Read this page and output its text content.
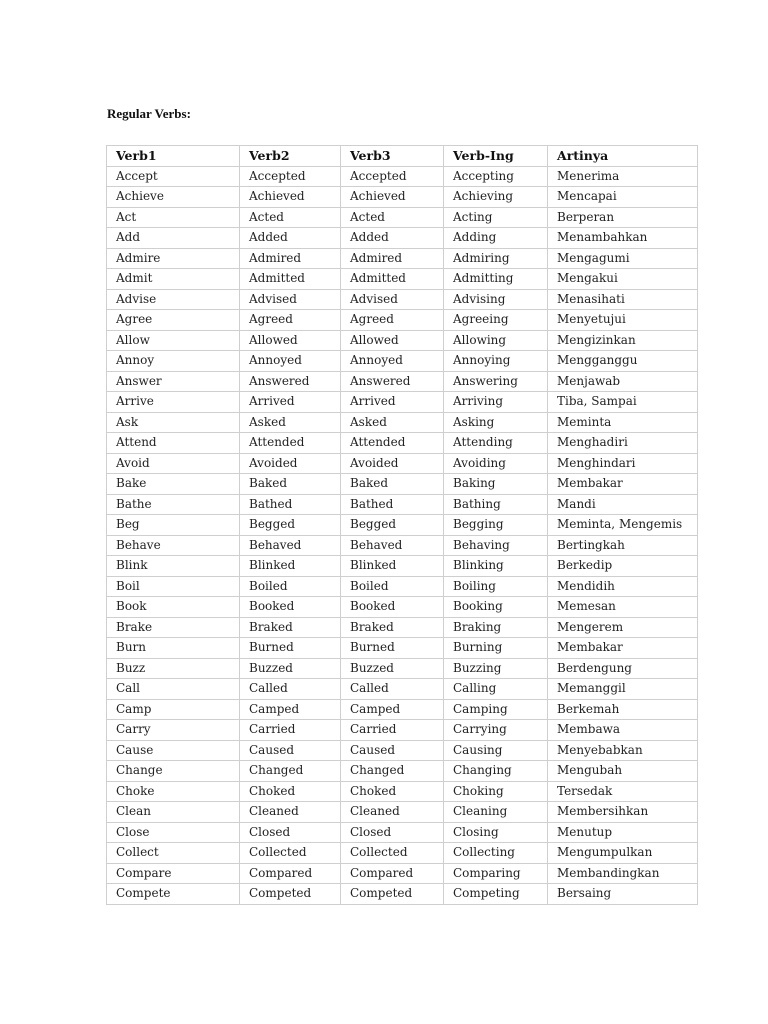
Regular Verbs:
Verb1	Verb2	Verb3	Verb-Ing	Artinya
Accept	Accepted	Accepted	Accepting	Menerima
Achieve	Achieved	Achieved	Achieving	Mencapai
Act	Acted	Acted	Acting	Berperan
Add	Added	Added	Adding	Menambahkan
Admire	Admired	Admired	Admiring	Mengagumi
Admit	Admitted	Admitted	Admitting	Mengakui
Advise	Advised	Advised	Advising	Menasihati
Agree	Agreed	Agreed	Agreeing	Menyetujui
Allow	Allowed	Allowed	Allowing	Mengizinkan
Annoy	Annoyed	Annoyed	Annoying	Mengganggu
Answer	Answered	Answered	Answering	Menjawab
Arrive	Arrived	Arrived	Arriving	Tiba, Sampai
Ask	Asked	Asked	Asking	Meminta
Attend	Attended	Attended	Attending	Menghadiri
Avoid	Avoided	Avoided	Avoiding	Menghindari
Bake	Baked	Baked	Baking	Membakar
Bathe	Bathed	Bathed	Bathing	Mandi
Beg	Begged	Begged	Begging	Meminta, Mengemis
Behave	Behaved	Behaved	Behaving	Bertingkah
Blink	Blinked	Blinked	Blinking	Berkedip
Boil	Boiled	Boiled	Boiling	Mendidih
Book	Booked	Booked	Booking	Memesan
Brake	Braked	Braked	Braking	Mengerem
Burn	Burned	Burned	Burning	Membakar
Buzz	Buzzed	Buzzed	Buzzing	Berdengung
Call	Called	Called	Calling	Memanggil
Camp	Camped	Camped	Camping	Berkemah
Carry	Carried	Carried	Carrying	Membawa
Cause	Caused	Caused	Causing	Menyebabkan
Change	Changed	Changed	Changing	Mengubah
Choke	Choked	Choked	Choking	Tersedak
Clean	Cleaned	Cleaned	Cleaning	Membersihkan
Close	Closed	Closed	Closing	Menutup
Collect	Collected	Collected	Collecting	Mengumpulkan
Compare	Compared	Compared	Comparing	Membandingkan
Compete	Competed	Competed	Competing	Bersaing
